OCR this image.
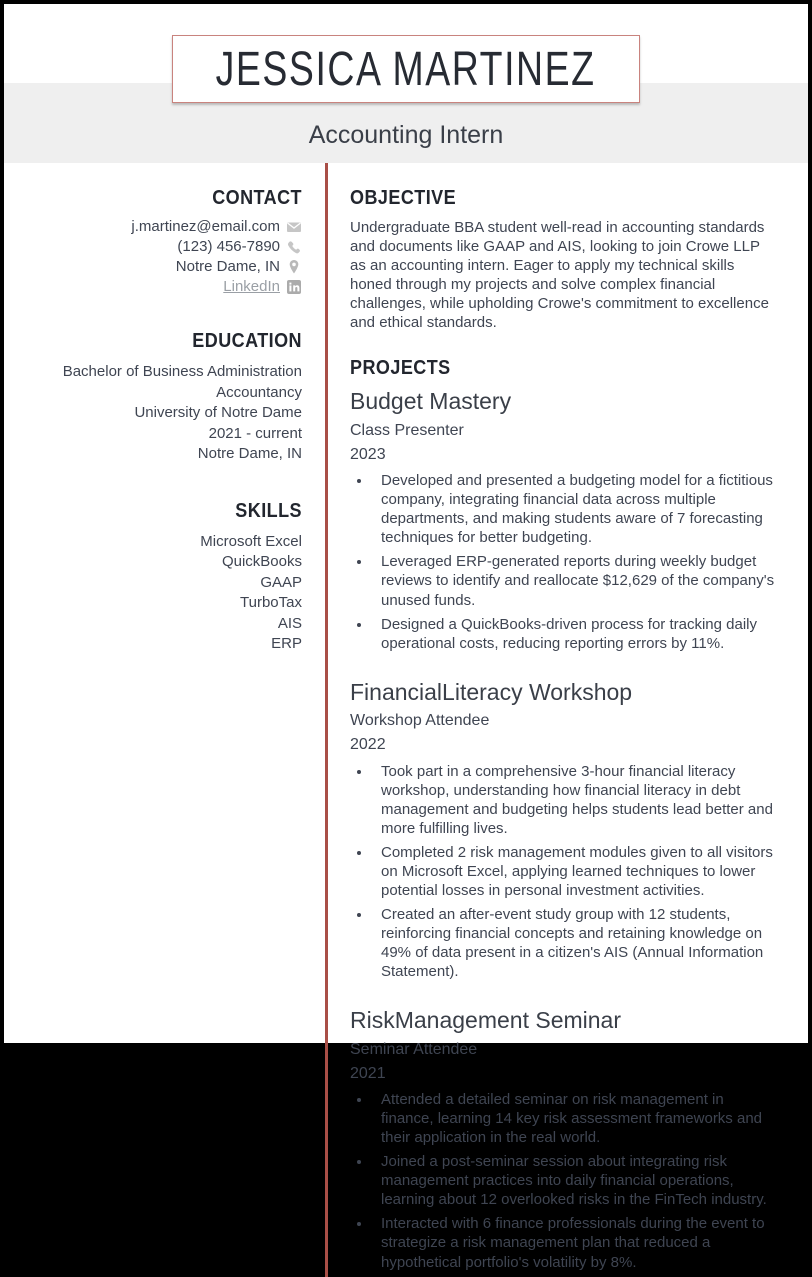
JESSICA MARTINEZ
Accounting Intern
CONTACT
j.martinez@email.com
(123) 456-7890
Notre Dame, IN
LinkedIn
EDUCATION
Bachelor of Business Administration
Accountancy
University of Notre Dame
2021 - current
Notre Dame, IN
SKILLS
Microsoft Excel
QuickBooks
GAAP
TurboTax
AIS
ERP
OBJECTIVE
Undergraduate BBA student well-read in accounting standards and documents like GAAP and AIS, looking to join Crowe LLP as an accounting intern. Eager to apply my technical skills honed through my projects and solve complex financial challenges, while upholding Crowe's commitment to excellence and ethical standards.
PROJECTS
Budget Mastery
Class Presenter
2023
• Developed and presented a budgeting model for a fictitious company, integrating financial data across multiple departments, and making students aware of 7 forecasting techniques for better budgeting.
• Leveraged ERP-generated reports during weekly budget reviews to identify and reallocate $12,629 of the company's unused funds.
• Designed a QuickBooks-driven process for tracking daily operational costs, reducing reporting errors by 11%.
FinancialLiteracy Workshop
Workshop Attendee
2022
• Took part in a comprehensive 3-hour financial literacy workshop, understanding how financial literacy in debt management and budgeting helps students lead better and more fulfilling lives.
• Completed 2 risk management modules given to all visitors on Microsoft Excel, applying learned techniques to lower potential losses in personal investment activities.
• Created an after-event study group with 12 students, reinforcing financial concepts and retaining knowledge on 49% of data present in a citizen's AIS (Annual Information Statement).
RiskManagement Seminar
Seminar Attendee
2021
• Attended a detailed seminar on risk management in finance, learning 14 key risk assessment frameworks and their application in the real world.
• Joined a post-seminar session about integrating risk management practices into daily financial operations, learning about 12 overlooked risks in the FinTech industry.
• Interacted with 6 finance professionals during the event to strategize a risk management plan that reduced a hypothetical portfolio's volatility by 8%.
